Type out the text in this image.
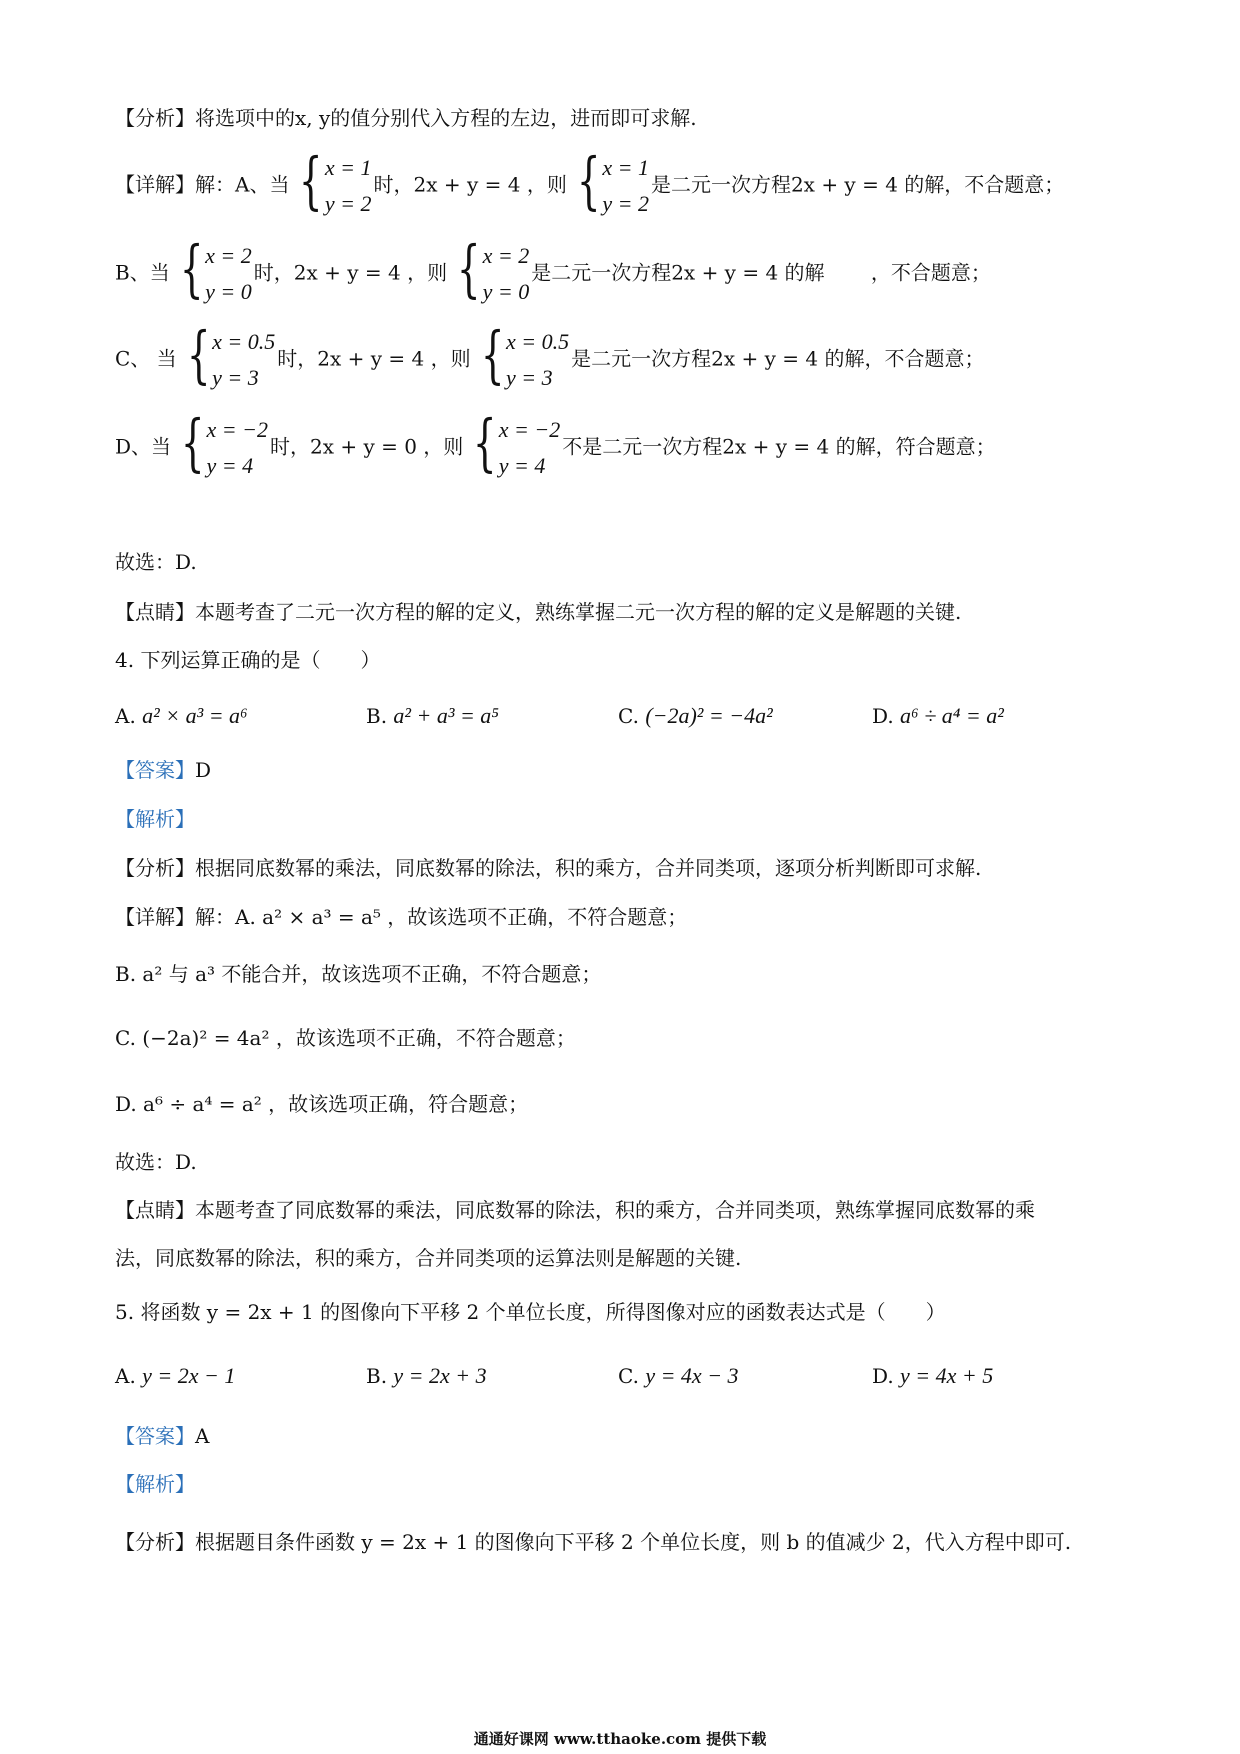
【分析】将选项中的x, y的值分别代入方程的左边，进而即可求解.
【详解】解：A、当 { x = 1
y = 2
时，2x + y = 4 ，则 { x = 1
y = 2
是二元一次方程2x + y = 4 的解，不合题意；
B、当 { x = 2
y = 0
时，2x + y = 4 ，则 { x = 2
y = 0
是二元一次方程2x + y = 4 的解 　　，不合题意；
C、 当 { x = 0.5
y = 3
时，2x + y = 4 ，则 { x = 0.5
y = 3
是二元一次方程2x + y = 4 的解，不合题意；
D、当 { x = −2
y = 4
时，2x + y = 0 ，则 { x = −2
y = 4
不是二元一次方程2x + y = 4 的解，符合题意；
故选：D.
【点睛】本题考查了二元一次方程的解的定义，熟练掌握二元一次方程的解的定义是解题的关键.
4. 下列运算正确的是（　　）
A. a² × a³ = a⁶	B. a² + a³ = a⁵	C. (−2a)² = −4a²	D. a⁶ ÷ a⁴ = a²
【答案】D
【解析】
【分析】根据同底数幂的乘法，同底数幂的除法，积的乘方，合并同类项，逐项分析判断即可求解.
【详解】解：A. a² × a³ = a⁵ ，故该选项不正确，不符合题意；
B. a² 与 a³ 不能合并，故该选项不正确，不符合题意；
C. (−2a)² = 4a² ，故该选项不正确，不符合题意；
D. a⁶ ÷ a⁴ = a² ，故该选项正确，符合题意；
故选：D.
【点睛】本题考查了同底数幂的乘法，同底数幂的除法，积的乘方，合并同类项，熟练掌握同底数幂的乘
法，同底数幂的除法，积的乘方，合并同类项的运算法则是解题的关键.
5. 将函数 y = 2x + 1 的图像向下平移 2 个单位长度，所得图像对应的函数表达式是（　　）
A. y = 2x − 1	B. y = 2x + 3	C. y = 4x − 3	D. y = 4x + 5
【答案】A
【解析】
【分析】根据题目条件函数 y = 2x + 1 的图像向下平移 2 个单位长度，则 b 的值减少 2，代入方程中即可.
通通好课网 www.tthaoke.com 提供下载
